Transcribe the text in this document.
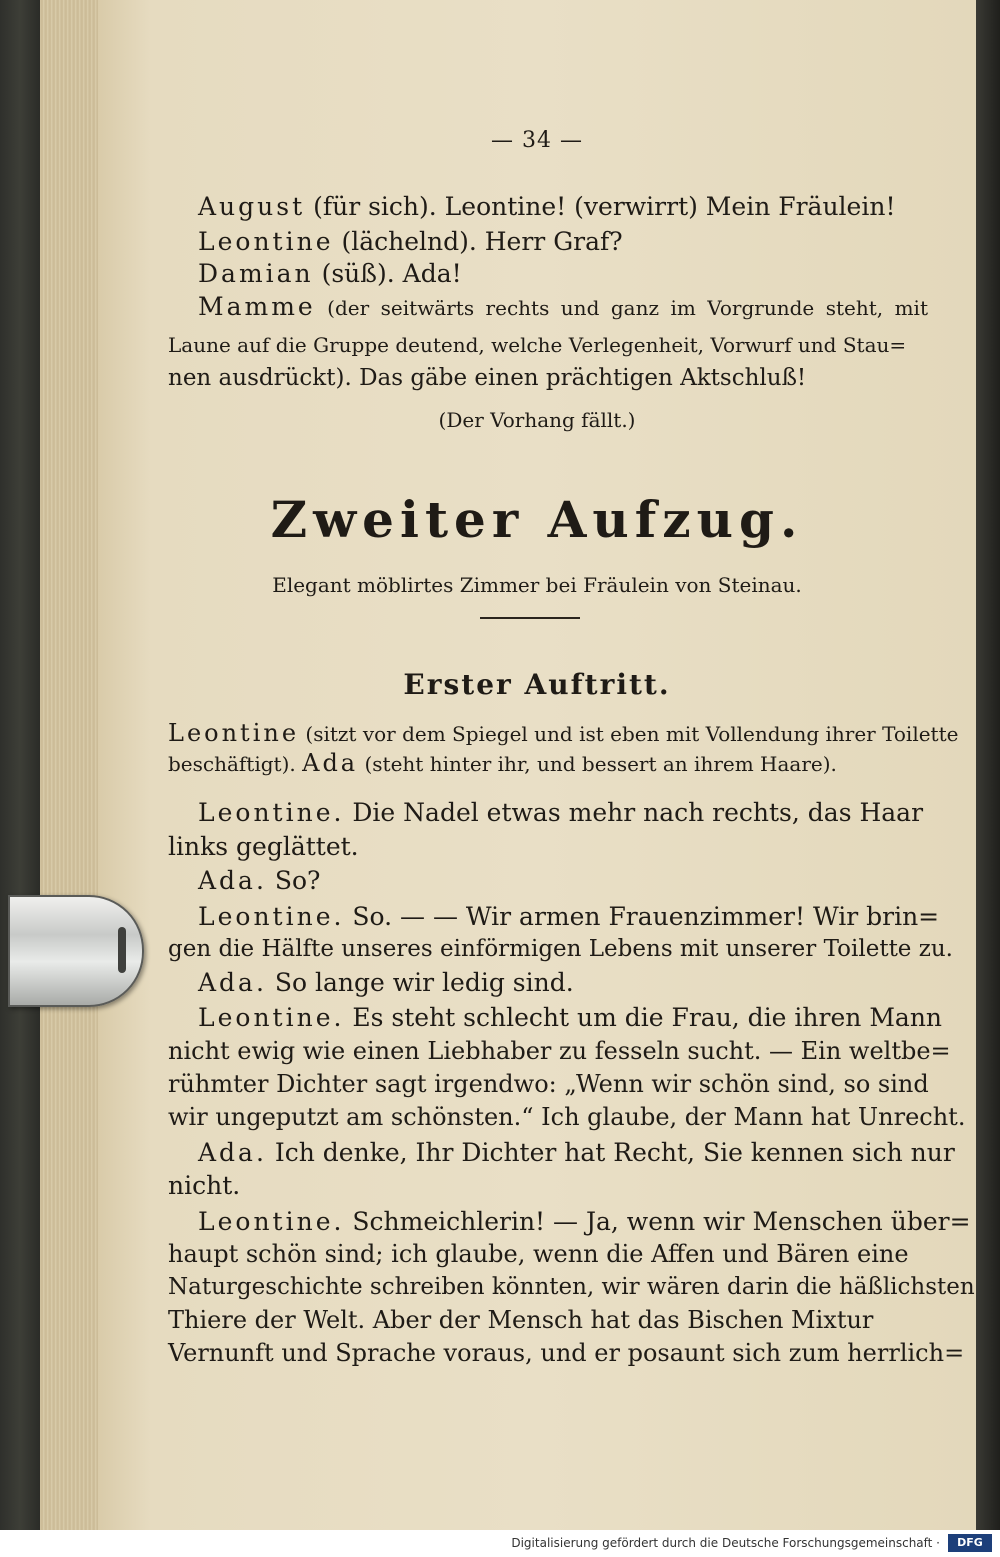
— 34 —
August (für sich). Leontine! (verwirrt) Mein Fräulein!
Leontine (lächelnd). Herr Graf?
Damian (süß). Ada!
Mamme (der seitwärts rechts und ganz im Vorgrunde steht, mit
Laune auf die Gruppe deutend, welche Verlegenheit, Vorwurf und Stau=
nen ausdrückt). Das gäbe einen prächtigen Aktschluß!
(Der Vorhang fällt.)
Zweiter Aufzug.
Elegant möblirtes Zimmer bei Fräulein von Steinau.
Erster Auftritt.
Leontine (sitzt vor dem Spiegel und ist eben mit Vollendung ihrer Toilette
beschäftigt). Ada (steht hinter ihr, und bessert an ihrem Haare).
Leontine. Die Nadel etwas mehr nach rechts, das Haar
links geglättet.
Ada. So?
Leontine. So. — — Wir armen Frauenzimmer! Wir brin=
gen die Hälfte unseres einförmigen Lebens mit unserer Toilette zu.
Ada. So lange wir ledig sind.
Leontine. Es steht schlecht um die Frau, die ihren Mann
nicht ewig wie einen Liebhaber zu fesseln sucht. — Ein weltbe=
rühmter Dichter sagt irgendwo: „Wenn wir schön sind, so sind
wir ungeputzt am schönsten.“ Ich glaube, der Mann hat Unrecht.
Ada. Ich denke, Ihr Dichter hat Recht, Sie kennen sich nur
nicht.
Leontine. Schmeichlerin! — Ja, wenn wir Menschen über=
haupt schön sind; ich glaube, wenn die Affen und Bären eine
Naturgeschichte schreiben könnten, wir wären darin die häßlichsten
Thiere der Welt. Aber der Mensch hat das Bischen Mixtur
Vernunft und Sprache voraus, und er posaunt sich zum herrlich=
Digitalisierung gefördert durch die Deutsche Forschungsgemeinschaft ·	DFG
